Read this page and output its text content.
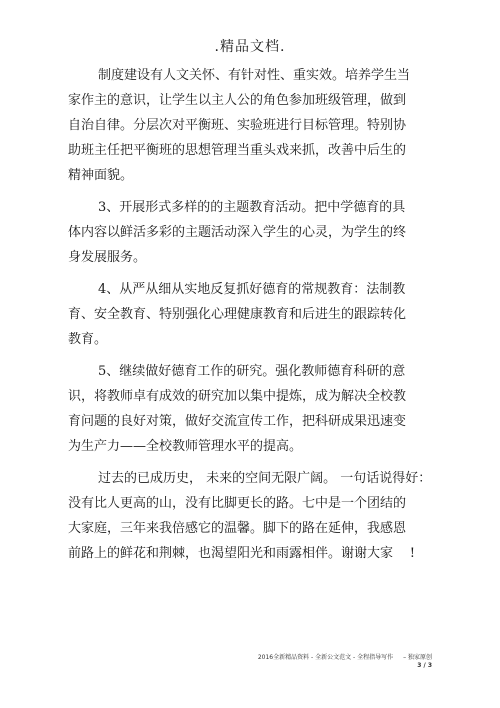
.精品文档.
制度建设有人文关怀、有针对性、重实效。培养学生当
家作主的意识，让学生以主人公的角色参加班级管理，做到
自治自律。分层次对平衡班、实验班进行目标管理。特别协
助班主任把平衡班的思想管理当重头戏来抓，改善中后生的
精神面貌。
3、开展形式多样的的主题教育活动。把中学德育的具
体内容以鲜活多彩的主题活动深入学生的心灵，为学生的终
身发展服务。
4、从严从细从实地反复抓好德育的常规教育：法制教
育、安全教育、特别强化心理健康教育和后进生的跟踪转化
教育。
5、继续做好德育工作的研究。强化教师德育科研的意
识，将教师卓有成效的研究加以集中提炼，成为解决全校教
育问题的良好对策，做好交流宣传工作，把科研成果迅速变
为生产力——全校教师管理水平的提高。
过去的已成历史， 未来的空间无限广阔。 一句话说得好：
没有比人更高的山，没有比脚更长的路。七中是一个团结的
大家庭，三年来我倍感它的温馨。脚下的路在延伸，我感恩
前路上的鲜花和荆棘，也渴望阳光和雨露相伴。谢谢大家 !
2016全新精品资料 - 全新公文范文 - 全程指导写作 – 独家原创
3 / 3
